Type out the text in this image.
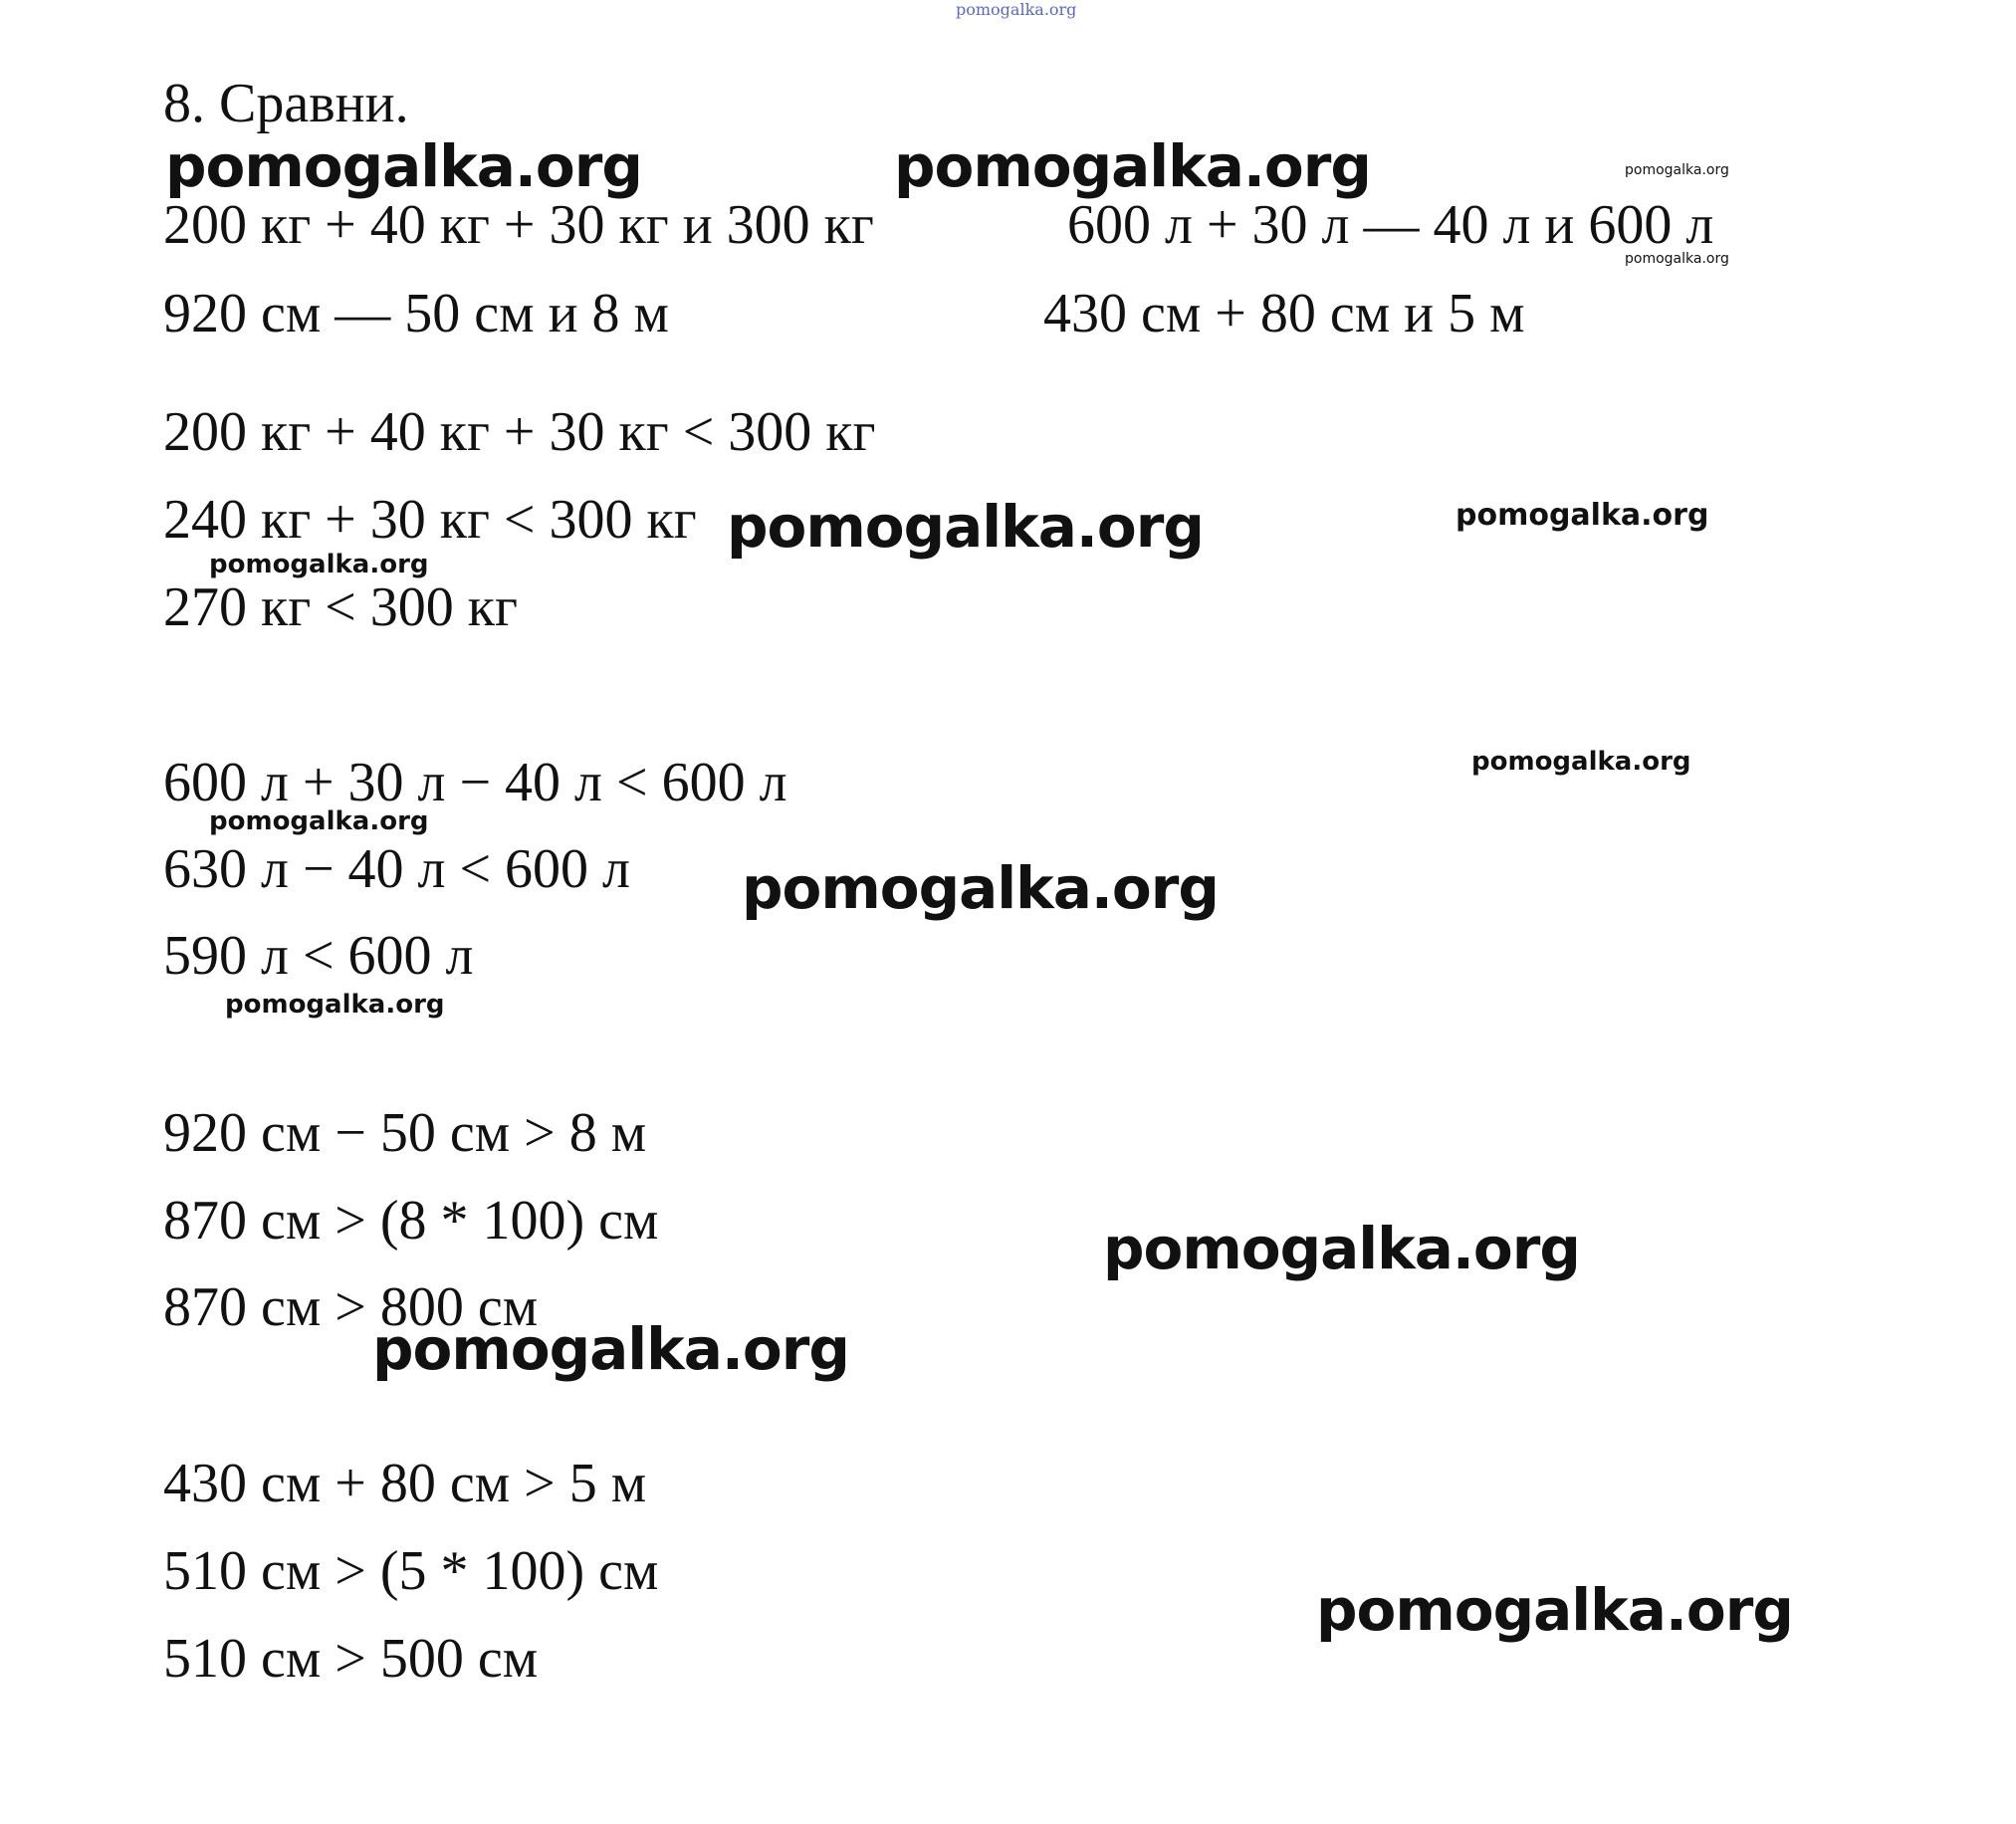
pomogalka.org
8. Сравни.
200 кг + 40 кг + 30 кг и 300 кг	600 л + 30 л — 40 л и 600 л
920 см — 50 см и 8 м	430 см + 80 см и 5 м
200 кг + 40 кг + 30 кг < 300 кг
240 кг + 30 кг < 300 кг
270 кг < 300 кг
600 л + 30 л − 40 л < 600 л
630 л − 40 л < 600 л
590 л < 600 л
920 см − 50 см > 8 м
870 см > (8 * 100) см
870 см > 800 см
430 см + 80 см > 5 м
510 см > (5 * 100) см
510 см > 500 см
pomogalka.org	pomogalka.org	pomogalka.org
pomogalka.org
pomogalka.org	pomogalka.org
pomogalka.org
pomogalka.org
pomogalka.org
pomogalka.org
pomogalka.org
pomogalka.org
pomogalka.org
pomogalka.org
